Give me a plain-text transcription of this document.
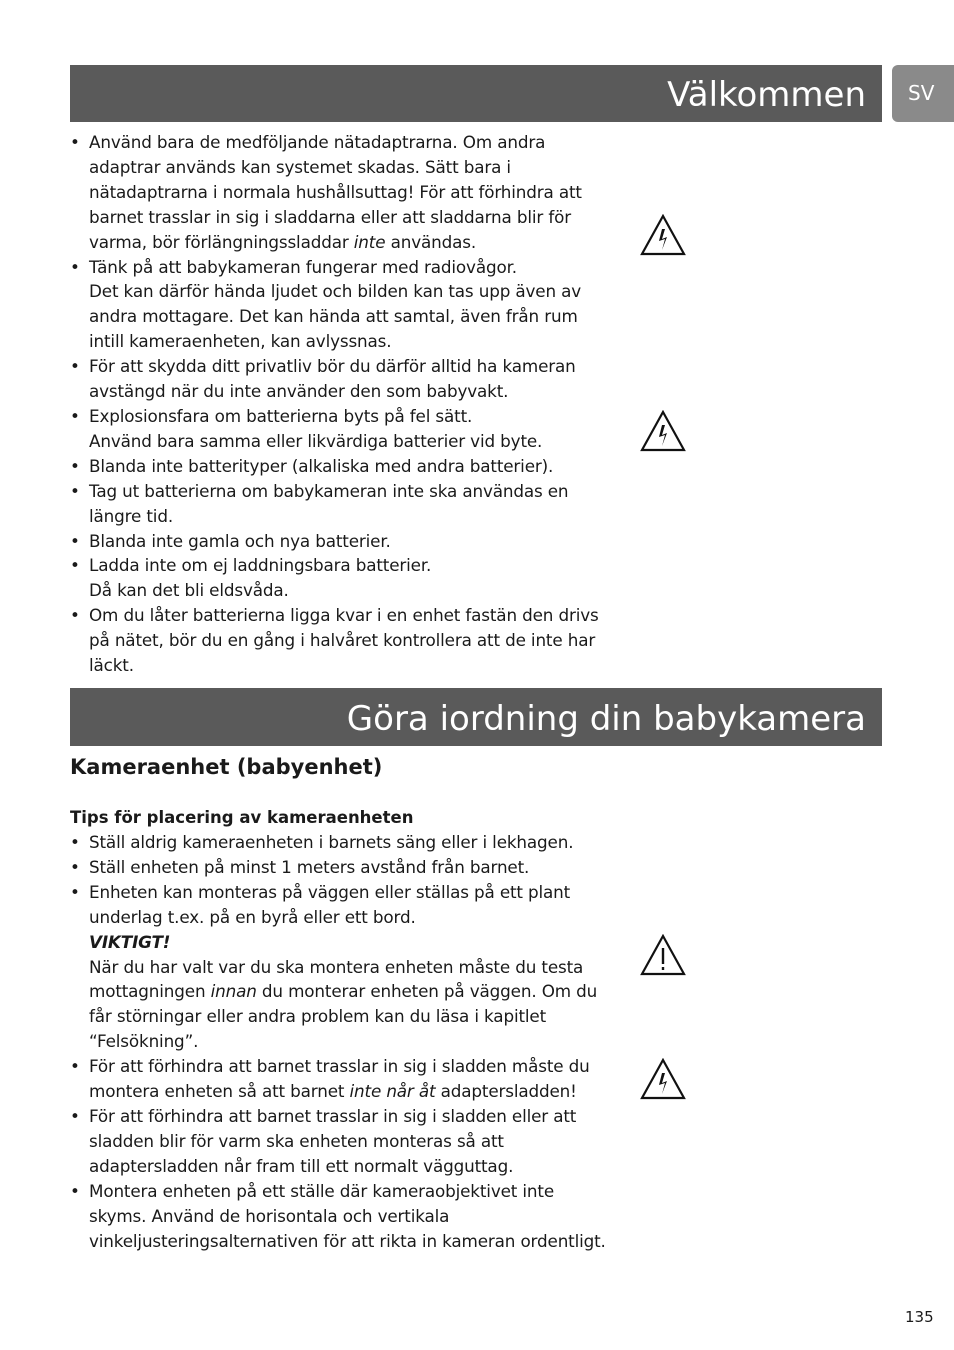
Välkommen	SV
• Använd bara de medföljande nätadaptrarna. Om andra
adaptrar används kan systemet skadas. Sätt bara i
nätadaptrarna i normala hushållsuttag! För att förhindra att
barnet trasslar in sig i sladdarna eller att sladdarna blir för
varma, bör förlängningssladdar inte användas.
• Tänk på att babykameran fungerar med radiovågor.
Det kan därför hända ljudet och bilden kan tas upp även av
andra mottagare. Det kan hända att samtal, även från rum
intill kameraenheten, kan avlyssnas.
• För att skydda ditt privatliv bör du därför alltid ha kameran
avstängd när du inte använder den som babyvakt.
• Explosionsfara om batterierna byts på fel sätt.
Använd bara samma eller likvärdiga batterier vid byte.
• Blanda inte batterityper (alkaliska med andra batterier).
• Tag ut batterierna om babykameran inte ska användas en
längre tid.
• Blanda inte gamla och nya batterier.
• Ladda inte om ej laddningsbara batterier.
Då kan det bli eldsvåda.
• Om du låter batterierna ligga kvar i en enhet fastän den drivs
på nätet, bör du en gång i halvåret kontrollera att de inte har
läckt.
Göra iordning din babykamera
Kameraenhet (babyenhet)
Tips för placering av kameraenheten
• Ställ aldrig kameraenheten i barnets säng eller i lekhagen.
• Ställ enheten på minst 1 meters avstånd från barnet.
• Enheten kan monteras på väggen eller ställas på ett plant
underlag t.ex. på en byrå eller ett bord.
VIKTIGT!
När du har valt var du ska montera enheten måste du testa
mottagningen innan du monterar enheten på väggen. Om du
får störningar eller andra problem kan du läsa i kapitlet
“Felsökning”.
• För att förhindra att barnet trasslar in sig i sladden måste du
montera enheten så att barnet inte når åt adaptersladden!
• För att förhindra att barnet trasslar in sig i sladden eller att
sladden blir för varm ska enheten monteras så att
adaptersladden når fram till ett normalt vägguttag.
• Montera enheten på ett ställe där kameraobjektivet inte
skyms. Använd de horisontala och vertikala
vinkeljusteringsalternativen för att rikta in kameran ordentligt.
135
